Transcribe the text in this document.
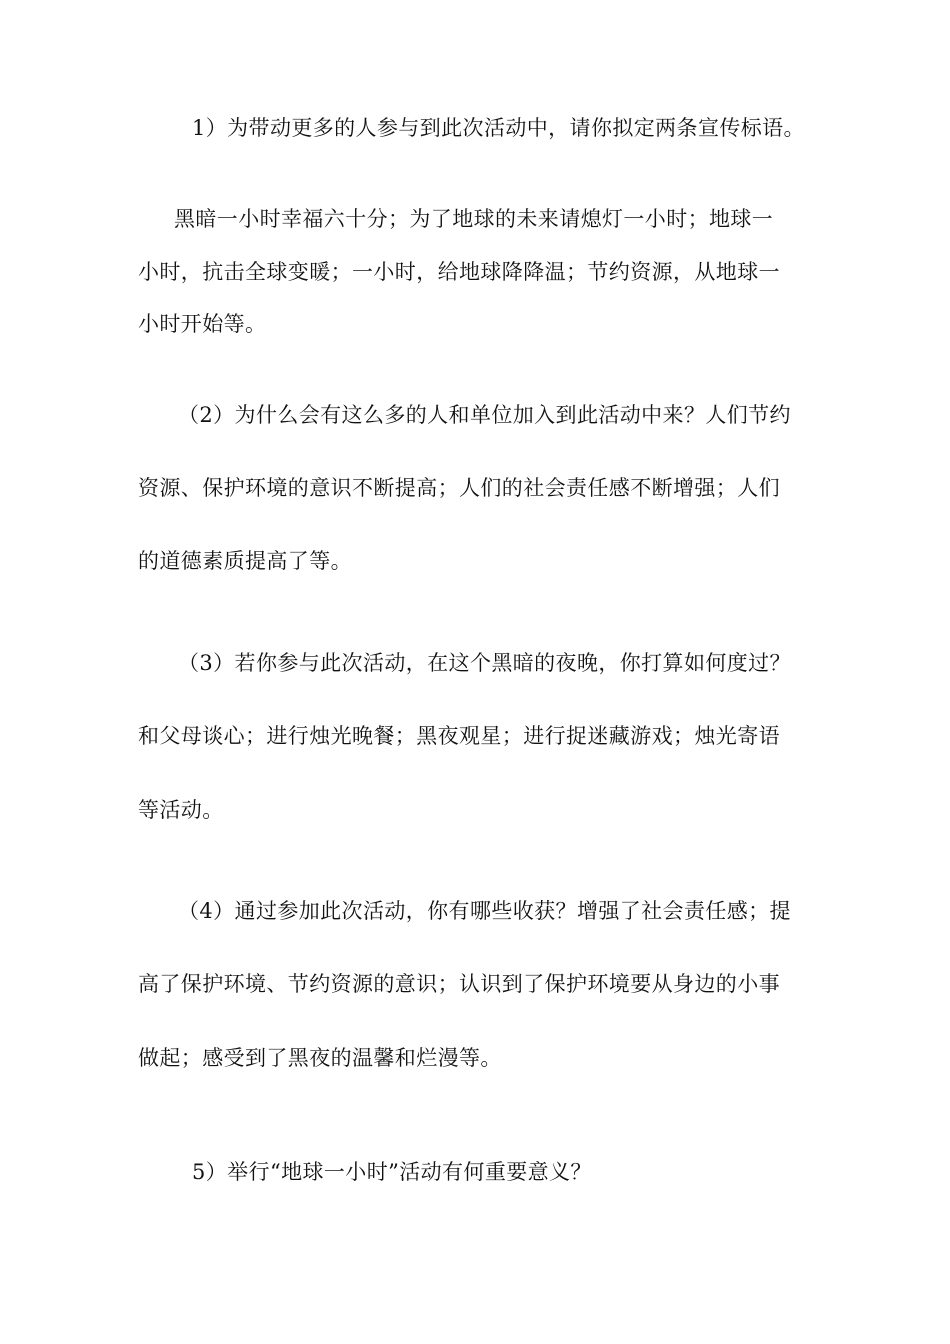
1）为带动更多的人参与到此次活动中，请你拟定两条宣传标语。
黑暗一小时幸福六十分；为了地球的未来请熄灯一小时；地球一
小时，抗击全球变暖；一小时，给地球降降温；节约资源，从地球一
小时开始等。
（2）为什么会有这么多的人和单位加入到此活动中来？人们节约
资源、保护环境的意识不断提高；人们的社会责任感不断增强；人们
的道德素质提高了等。
（3）若你参与此次活动，在这个黑暗的夜晚，你打算如何度过？
和父母谈心；进行烛光晚餐；黑夜观星；进行捉迷藏游戏；烛光寄语
等活动。
（4）通过参加此次活动，你有哪些收获？增强了社会责任感；提
高了保护环境、节约资源的意识；认识到了保护环境要从身边的小事
做起；感受到了黑夜的温馨和烂漫等。
5）举行“地球一小时”活动有何重要意义？
